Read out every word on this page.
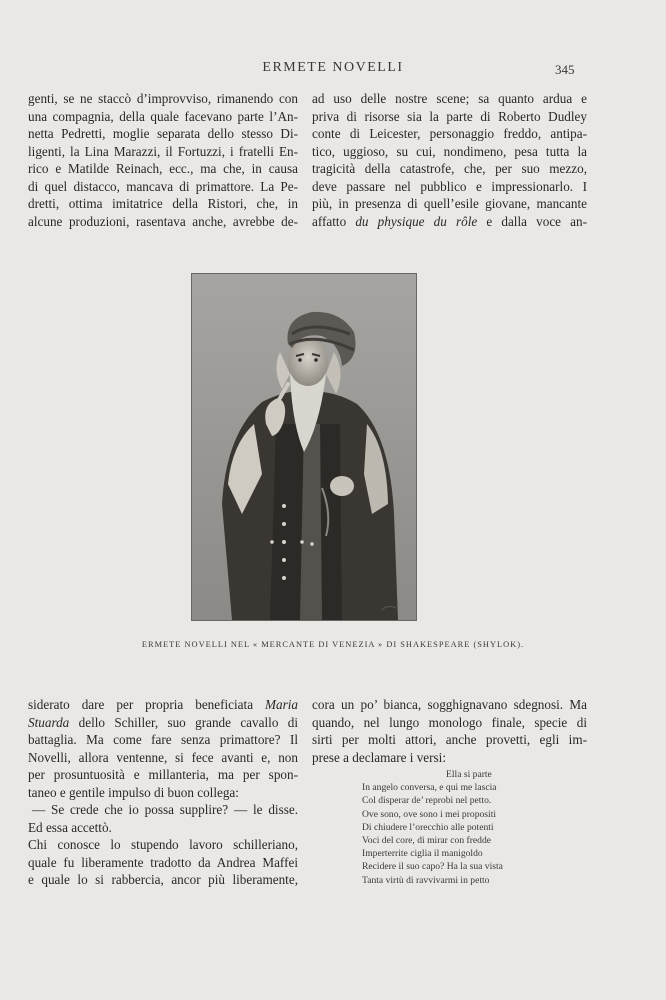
ERMETE NOVELLI	345
genti, se ne staccò d’improvviso, rimanendo con
una compagnia, della quale facevano parte l’An-
netta Pedretti, moglie separata dello stesso Di-
ligenti, la Lina Marazzi, il Fortuzzi, i fratelli En-
rico e Matilde Reinach, ecc., ma che, in causa
di quel distacco, mancava di primattore. La Pe-
dretti, ottima imitatrice della Ristori, che, in
alcune produzioni, rasentava anche, avrebbe de-
ad uso delle nostre scene; sa quanto ardua e
priva di risorse sia la parte di Roberto Dudley
conte di Leicester, personaggio freddo, antipa-
tico, uggioso, su cui, nondimeno, pesa tutta la
tragicità della catastrofe, che, per suo mezzo,
deve passare nel pubblico e impressionarlo. I
più, in presenza di quell’esile giovane, mancante
affatto du physique du rôle e dalla voce an-
ERMETE NOVELLI NEL « MERCANTE DI VENEZIA » DI SHAKESPEARE (SHYLOK).
siderato dare per propria beneficiata Maria
Stuarda dello Schiller, suo grande cavallo di
battaglia. Ma come fare senza primattore? Il
Novelli, allora ventenne, si fece avanti e, non
per prosuntuosità e millanteria, ma per spon-
taneo e gentile impulso di buon collega:
— Se crede che io possa supplire? — le disse.
Ed essa accettò.
Chi conosce lo stupendo lavoro schilleriano,
quale fu liberamente tradotto da Andrea Maffei
e quale lo si rabbercia, ancor più liberamente,
cora un po’ bianca, sogghignavano sdegnosi. Ma
quando, nel lungo monologo finale, specie di
sirti per molti attori, anche provetti, egli im-
prese a declamare i versi:
Ella si parte
In angelo conversa, e qui me lascia
Col disperar de’ reprobi nel petto.
Ove sono, ove sono i mei propositi
Di chiudere l’orecchio alle potenti
Voci del core, di mirar con fredde
Imperterrite ciglia il manigoldo
Recidere il suo capo? Ha la sua vista
Tanta virtù di ravvivarmi in petto
